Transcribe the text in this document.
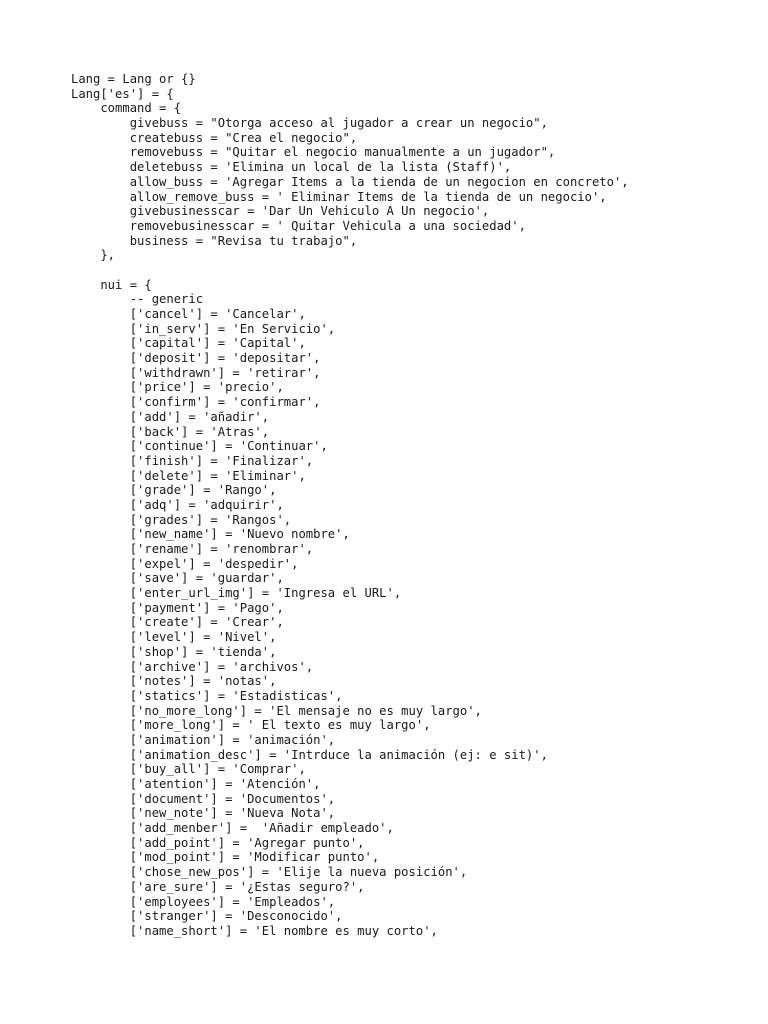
Lang = Lang or {}
Lang['es'] = {
command = {
givebuss = "Otorga acceso al jugador a crear un negocio",
createbuss = "Crea el negocio",
removebuss = "Quitar el negocio manualmente a un jugador",
deletebuss = 'Elimina un local de la lista (Staff)',
allow_buss = 'Agregar Items a la tienda de un negocion en concreto',
allow_remove_buss = ' Eliminar Items de la tienda de un negocio',
givebusinesscar = 'Dar Un Vehiculo A Un negocio',
removebusinesscar = ' Quitar Vehicula a una sociedad',
business = "Revisa tu trabajo",
},
nui = {
-- generic
['cancel'] = 'Cancelar',
['in_serv'] = 'En Servicio',
['capital'] = 'Capital',
['deposit'] = 'depositar',
['withdrawn'] = 'retirar',
['price'] = 'precio',
['confirm'] = 'confirmar',
['add'] = 'añadir',
['back'] = 'Atras',
['continue'] = 'Continuar',
['finish'] = 'Finalizar',
['delete'] = 'Eliminar',
['grade'] = 'Rango',
['adq'] = 'adquirir',
['grades'] = 'Rangos',
['new_name'] = 'Nuevo nombre',
['rename'] = 'renombrar',
['expel'] = 'despedir',
['save'] = 'guardar',
['enter_url_img'] = 'Ingresa el URL',
['payment'] = 'Pago',
['create'] = 'Crear',
['level'] = 'Nivel',
['shop'] = 'tienda',
['archive'] = 'archivos',
['notes'] = 'notas',
['statics'] = 'Estadisticas',
['no_more_long'] = 'El mensaje no es muy largo',
['more_long'] = ' El texto es muy largo',
['animation'] = 'animación',
['animation_desc'] = 'Intrduce la animación (ej: e sit)',
['buy_all'] = 'Comprar',
['atention'] = 'Atención',
['document'] = 'Documentos',
['new_note'] = 'Nueva Nota',
['add_menber'] =  'Añadir empleado',
['add_point'] = 'Agregar punto',
['mod_point'] = 'Modificar punto',
['chose_new_pos'] = 'Elije la nueva posición',
['are_sure'] = '¿Estas seguro?',
['employees'] = 'Empleados',
['stranger'] = 'Desconocido',
['name_short'] = 'El nombre es muy corto',
